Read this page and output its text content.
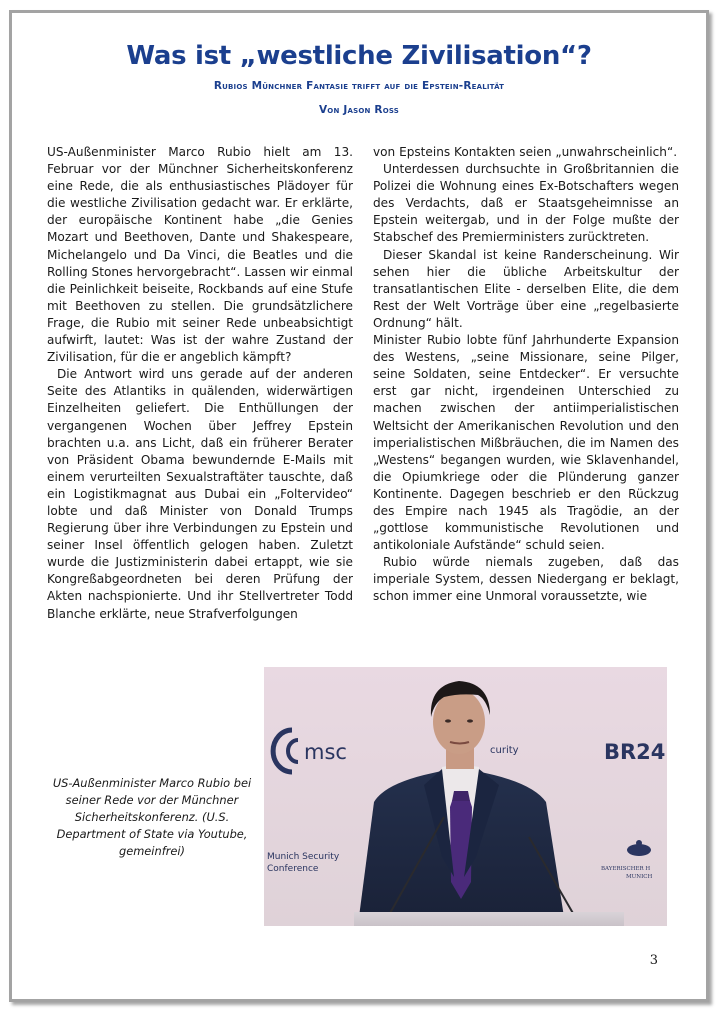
Was ist „westliche Zivilisation“?
Rubios Münchner Fantasie trifft auf die Epstein-Realität
Von Jason Ross

US-Außenminister Marco Rubio hielt am 13. Februar vor der Münchner Sicherheitskonferenz eine Rede, die als enthusiastisches Plädoyer für die westliche Zivilisation gedacht war. Er erklärte, der europäische Kontinent habe „die Genies Mozart und Beethoven, Dante und Shakespeare, Michelangelo und Da Vinci, die Beatles und die Rolling Stones hervorgebracht“. Lassen wir einmal die Peinlichkeit beiseite, Rockbands auf eine Stufe mit Beethoven zu stellen. Die grundsätzlichere Frage, die Rubio mit seiner Rede unbeabsichtigt aufwirft, lautet: Was ist der wahre Zustand der Zivilisation, für die er angeblich kämpft?

Die Antwort wird uns gerade auf der anderen Seite des Atlantiks in quälenden, widerwärtigen Einzelheiten geliefert. Die Enthüllungen der vergangenen Wochen über Jeffrey Epstein brachten u.a. ans Licht, daß ein früherer Berater von Präsident Obama bewundernde E-Mails mit einem verurteilten Sexualstraftäter tauschte, daß ein Logistikmagnat aus Dubai ein „Foltervideo“ lobte und daß Minister von Donald Trumps Regierung über ihre Verbindungen zu Epstein und seiner Insel öffentlich gelogen haben. Zuletzt wurde die Justizministerin dabei ertappt, wie sie Kongreßabgeordneten bei deren Prüfung der Akten nachspionierte. Und ihr Stellvertreter Todd Blanche erklärte, neue Strafverfolgungen

von Epsteins Kontakten seien „unwahrscheinlich“.

Unterdessen durchsuchte in Großbritannien die Polizei die Wohnung eines Ex-Botschafters wegen des Verdachts, daß er Staatsgeheimnisse an Epstein weitergab, und in der Folge mußte der Stabschef des Premierministers zurücktreten.

Dieser Skandal ist keine Randerscheinung. Wir sehen hier die übliche Arbeitskultur der transatlantischen Elite - derselben Elite, die dem Rest der Welt Vorträge über eine „regelbasierte Ordnung“ hält.

Minister Rubio lobte fünf Jahrhunderte Expansion des Westens, „seine Missionare, seine Pilger, seine Soldaten, seine Entdecker“. Er versuchte erst gar nicht, irgendeinen Unterschied zu machen zwischen der antiimperialistischen Weltsicht der Amerikanischen Revolution und den imperialistischen Mißbräuchen, die im Namen des „Westens“ begangen wurden, wie Sklavenhandel, die Opiumkriege oder die Plünderung ganzer Kontinente. Dagegen beschrieb er den Rückzug des Empire nach 1945 als Tragödie, an der „gottlose kommunistische Revolutionen und antikoloniale Aufstände“ schuld seien.

Rubio würde niemals zugeben, daß das imperiale System, dessen Niedergang er beklagt, schon immer eine Unmoral voraussetzte, wie

US-Außenminister Marco Rubio bei seiner Rede vor der Münchner Sicherheitskonferenz. (U.S. Department of State via Youtube, gemeinfrei)
msc	curity	BR24
Munich Security
Conference	BAYERISCHER H
MUNICH
3
